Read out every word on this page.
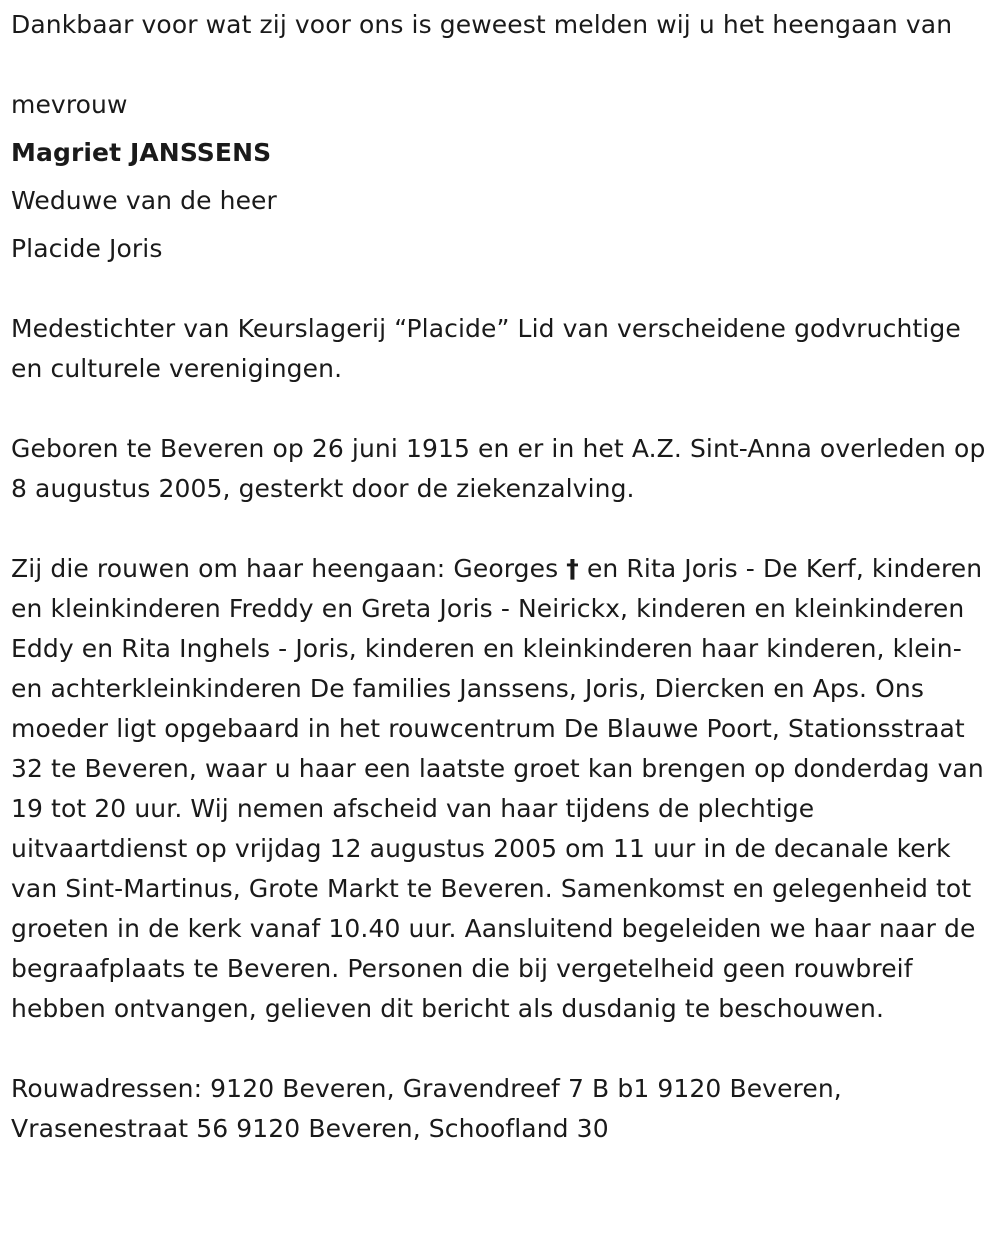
Dankbaar voor wat zij voor ons is geweest melden wij u het heengaan van

mevrouw

Magriet JANSSENS

Weduwe van de heer

Placide Joris

Medestichter van Keurslagerij “Placide” Lid van verscheidene godvruchtige en culturele verenigingen.

Geboren te Beveren op 26 juni 1915 en er in het A.Z. Sint-Anna overleden op 8 augustus 2005, gesterkt door de ziekenzalving.

Zij die rouwen om haar heengaan: Georges † en Rita Joris - De Kerf, kinderen en kleinkinderen Freddy en Greta Joris - Neirickx, kinderen en kleinkinderen Eddy en Rita Inghels - Joris, kinderen en kleinkinderen haar kinderen, klein- en achterkleinkinderen De families Janssens, Joris, Diercken en Aps. Ons moeder ligt opgebaard in het rouwcentrum De Blauwe Poort, Stationsstraat 32 te Beveren, waar u haar een laatste groet kan brengen op donderdag van 19 tot 20 uur. Wij nemen afscheid van haar tijdens de plechtige uitvaartdienst op vrijdag 12 augustus 2005 om 11 uur in de decanale kerk van Sint-Martinus, Grote Markt te Beveren. Samenkomst en gelegenheid tot groeten in de kerk vanaf 10.40 uur. Aansluitend begeleiden we haar naar de begraafplaats te Beveren. Personen die bij vergetelheid geen rouwbreif hebben ontvangen, gelieven dit bericht als dusdanig te beschouwen.

Rouwadressen: 9120 Beveren, Gravendreef 7 B b1 9120 Beveren, Vrasenestraat 56 9120 Beveren, Schoofland 30
